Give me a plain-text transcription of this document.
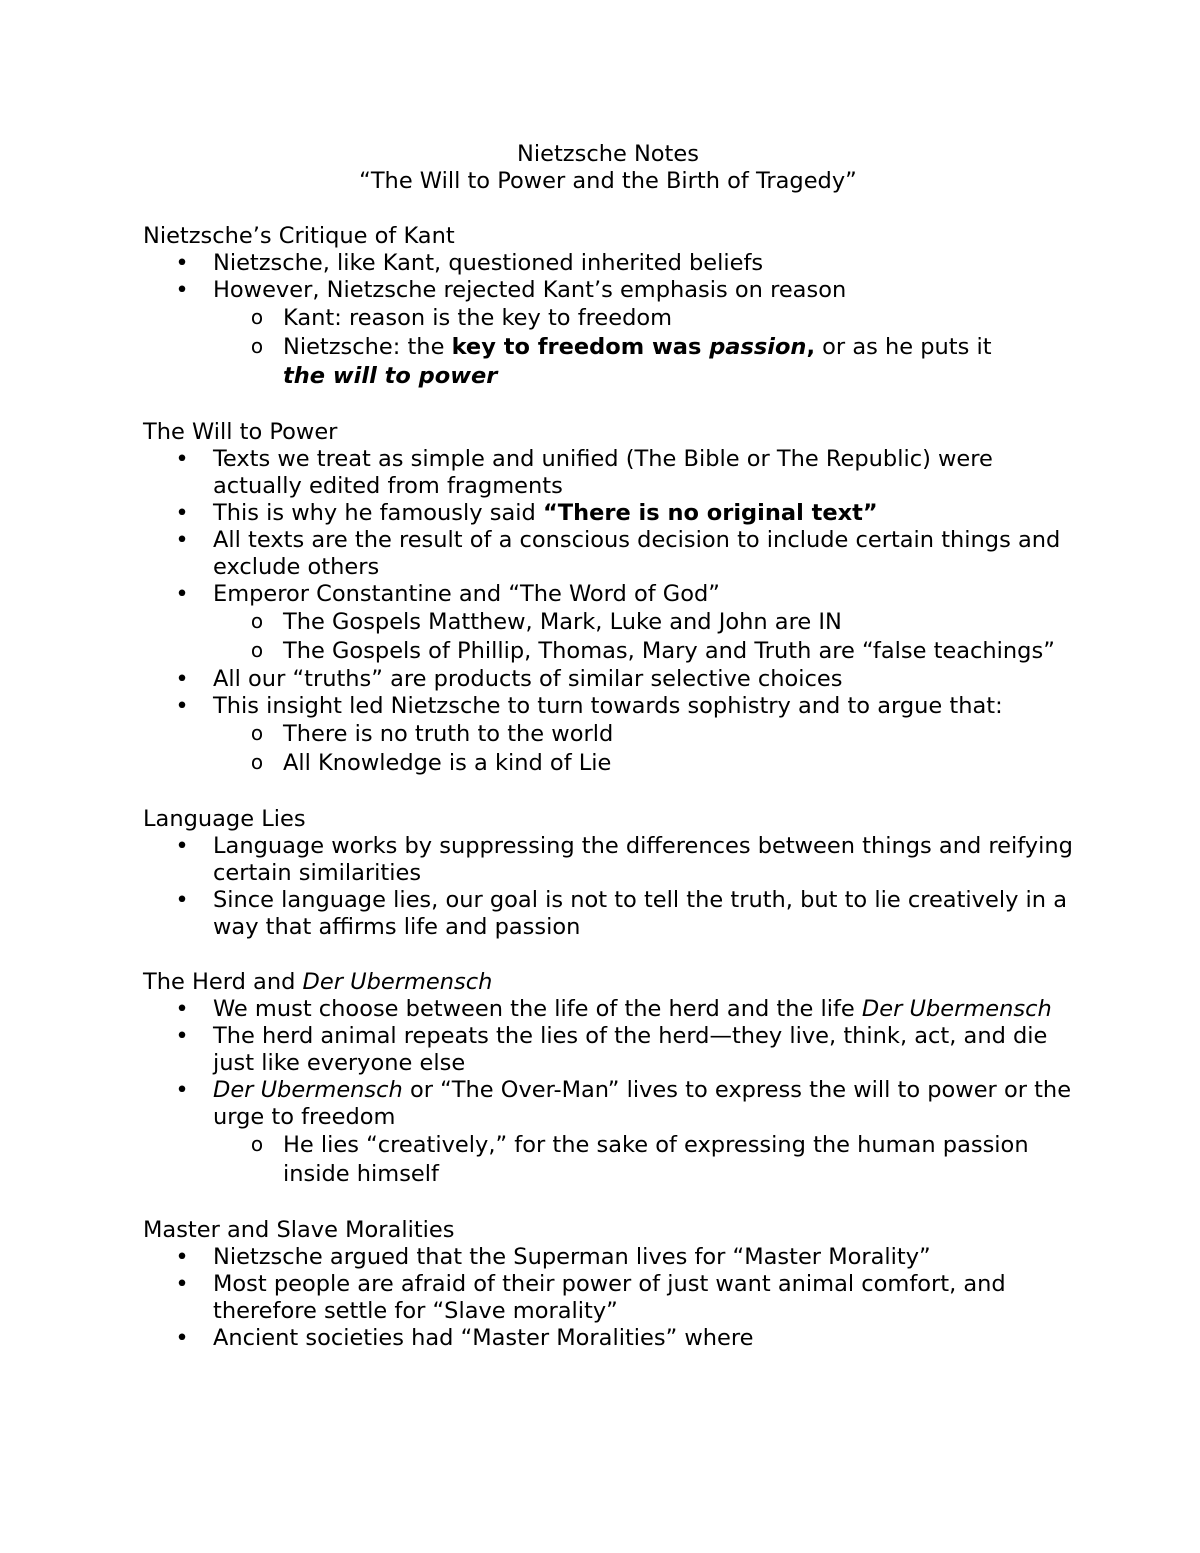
Nietzsche Notes
“The Will to Power and the Birth of Tragedy”
Nietzsche’s Critique of Kant
• Nietzsche, like Kant, questioned inherited beliefs
• However, Nietzsche rejected Kant’s emphasis on reason
o Kant: reason is the key to freedom
o Nietzsche: the key to freedom was passion, or as he puts it
the will to power
The Will to Power
• Texts we treat as simple and unified (The Bible or The Republic) were actually edited from fragments
• This is why he famously said “There is no original text”
• All texts are the result of a conscious decision to include certain things and exclude others
• Emperor Constantine and “The Word of God”
o The Gospels Matthew, Mark, Luke and John are IN
o The Gospels of Phillip, Thomas, Mary and Truth are “false teachings”
• All our “truths” are products of similar selective choices
• This insight led Nietzsche to turn towards sophistry and to argue that:
o There is no truth to the world
o All Knowledge is a kind of Lie
Language Lies
• Language works by suppressing the differences between things and reifying certain similarities
• Since language lies, our goal is not to tell the truth, but to lie creatively in a way that affirms life and passion
The Herd and Der Ubermensch
• We must choose between the life of the herd and the life Der Ubermensch
• The herd animal repeats the lies of the herd—they live, think, act, and die just like everyone else
• Der Ubermensch or “The Over-Man” lives to express the will to power or the urge to freedom
o He lies “creatively,” for the sake of expressing the human passion inside himself
Master and Slave Moralities
• Nietzsche argued that the Superman lives for “Master Morality”
• Most people are afraid of their power of just want animal comfort, and therefore settle for “Slave morality”
• Ancient societies had “Master Moralities” where
